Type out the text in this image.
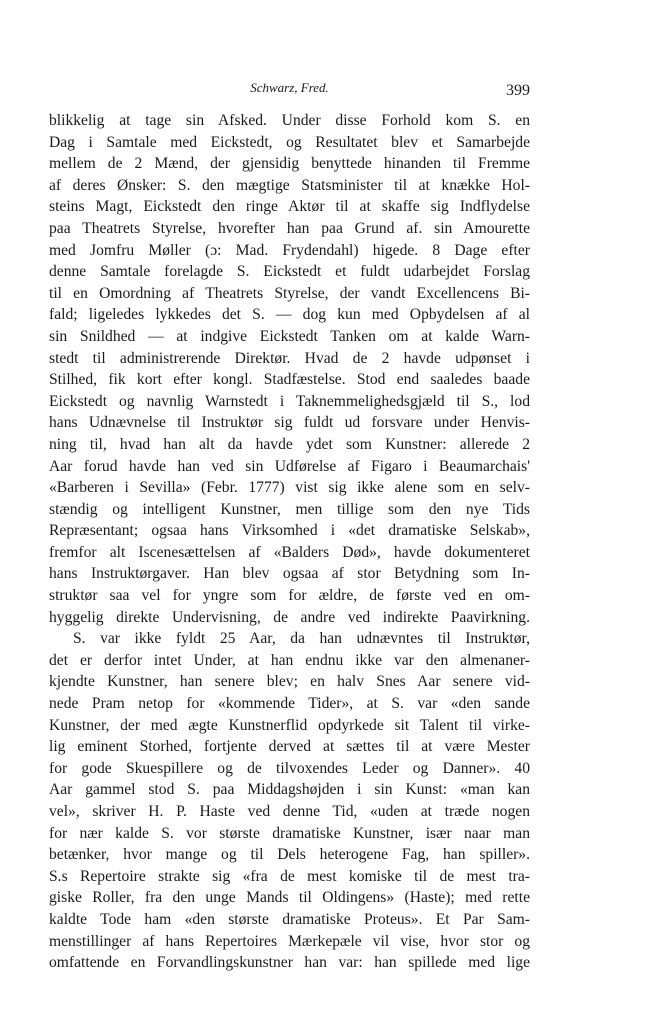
Schwarz, Fred.	399
blikkelig at tage sin Afsked. Under disse Forhold kom S. en
Dag i Samtale med Eickstedt, og Resultatet blev et Samarbejde
mellem de 2 Mænd, der gjensidig benyttede hinanden til Fremme
af deres Ønsker: S. den mægtige Statsminister til at knække Hol-
steins Magt, Eickstedt den ringe Aktør til at skaffe sig Indflydelse
paa Theatrets Styrelse, hvorefter han paa Grund af. sin Amourette
med Jomfru Møller (ɔ: Mad. Frydendahl) higede. 8 Dage efter
denne Samtale forelagde S. Eickstedt et fuldt udarbejdet Forslag
til en Omordning af Theatrets Styrelse, der vandt Excellencens Bi-
fald; ligeledes lykkedes det S. — dog kun med Opbydelsen af al
sin Snildhed — at indgive Eickstedt Tanken om at kalde Warn-
stedt til administrerende Direktør. Hvad de 2 havde udpønset i
Stilhed, fik kort efter kongl. Stadfæstelse. Stod end saaledes baade
Eickstedt og navnlig Warnstedt i Taknemmelighedsgjæld til S., lod
hans Udnævnelse til Instruktør sig fuldt ud forsvare under Henvis-
ning til, hvad han alt da havde ydet som Kunstner: allerede 2
Aar forud havde han ved sin Udførelse af Figaro i Beaumarchais'
«Barberen i Sevilla» (Febr. 1777) vist sig ikke alene som en selv-
stændig og intelligent Kunstner, men tillige som den nye Tids
Repræsentant; ogsaa hans Virksomhed i «det dramatiske Selskab»,
fremfor alt Iscenesættelsen af «Balders Død», havde dokumenteret
hans Instruktørgaver. Han blev ogsaa af stor Betydning som In-
struktør saa vel for yngre som for ældre, de første ved en om-
hyggelig direkte Undervisning, de andre ved indirekte Paavirkning.
S. var ikke fyldt 25 Aar, da han udnævntes til Instruktør,
det er derfor intet Under, at han endnu ikke var den almenaner-
kjendte Kunstner, han senere blev; en halv Snes Aar senere vid-
nede Pram netop for «kommende Tider», at S. var «den sande
Kunstner, der med ægte Kunstnerflid opdyrkede sit Talent til virke-
lig eminent Storhed, fortjente derved at sættes til at være Mester
for gode Skuespillere og de tilvoxendes Leder og Danner». 40
Aar gammel stod S. paa Middagshøjden i sin Kunst: «man kan
vel», skriver H. P. Haste ved denne Tid, «uden at træde nogen
for nær kalde S. vor største dramatiske Kunstner, især naar man
betænker, hvor mange og til Dels heterogene Fag, han spiller».
S.s Repertoire strakte sig «fra de mest komiske til de mest tra-
giske Roller, fra den unge Mands til Oldingens» (Haste); med rette
kaldte Tode ham «den største dramatiske Proteus». Et Par Sam-
menstillinger af hans Repertoires Mærkepæle vil vise, hvor stor og
omfattende en Forvandlingskunstner han var: han spillede med lige
